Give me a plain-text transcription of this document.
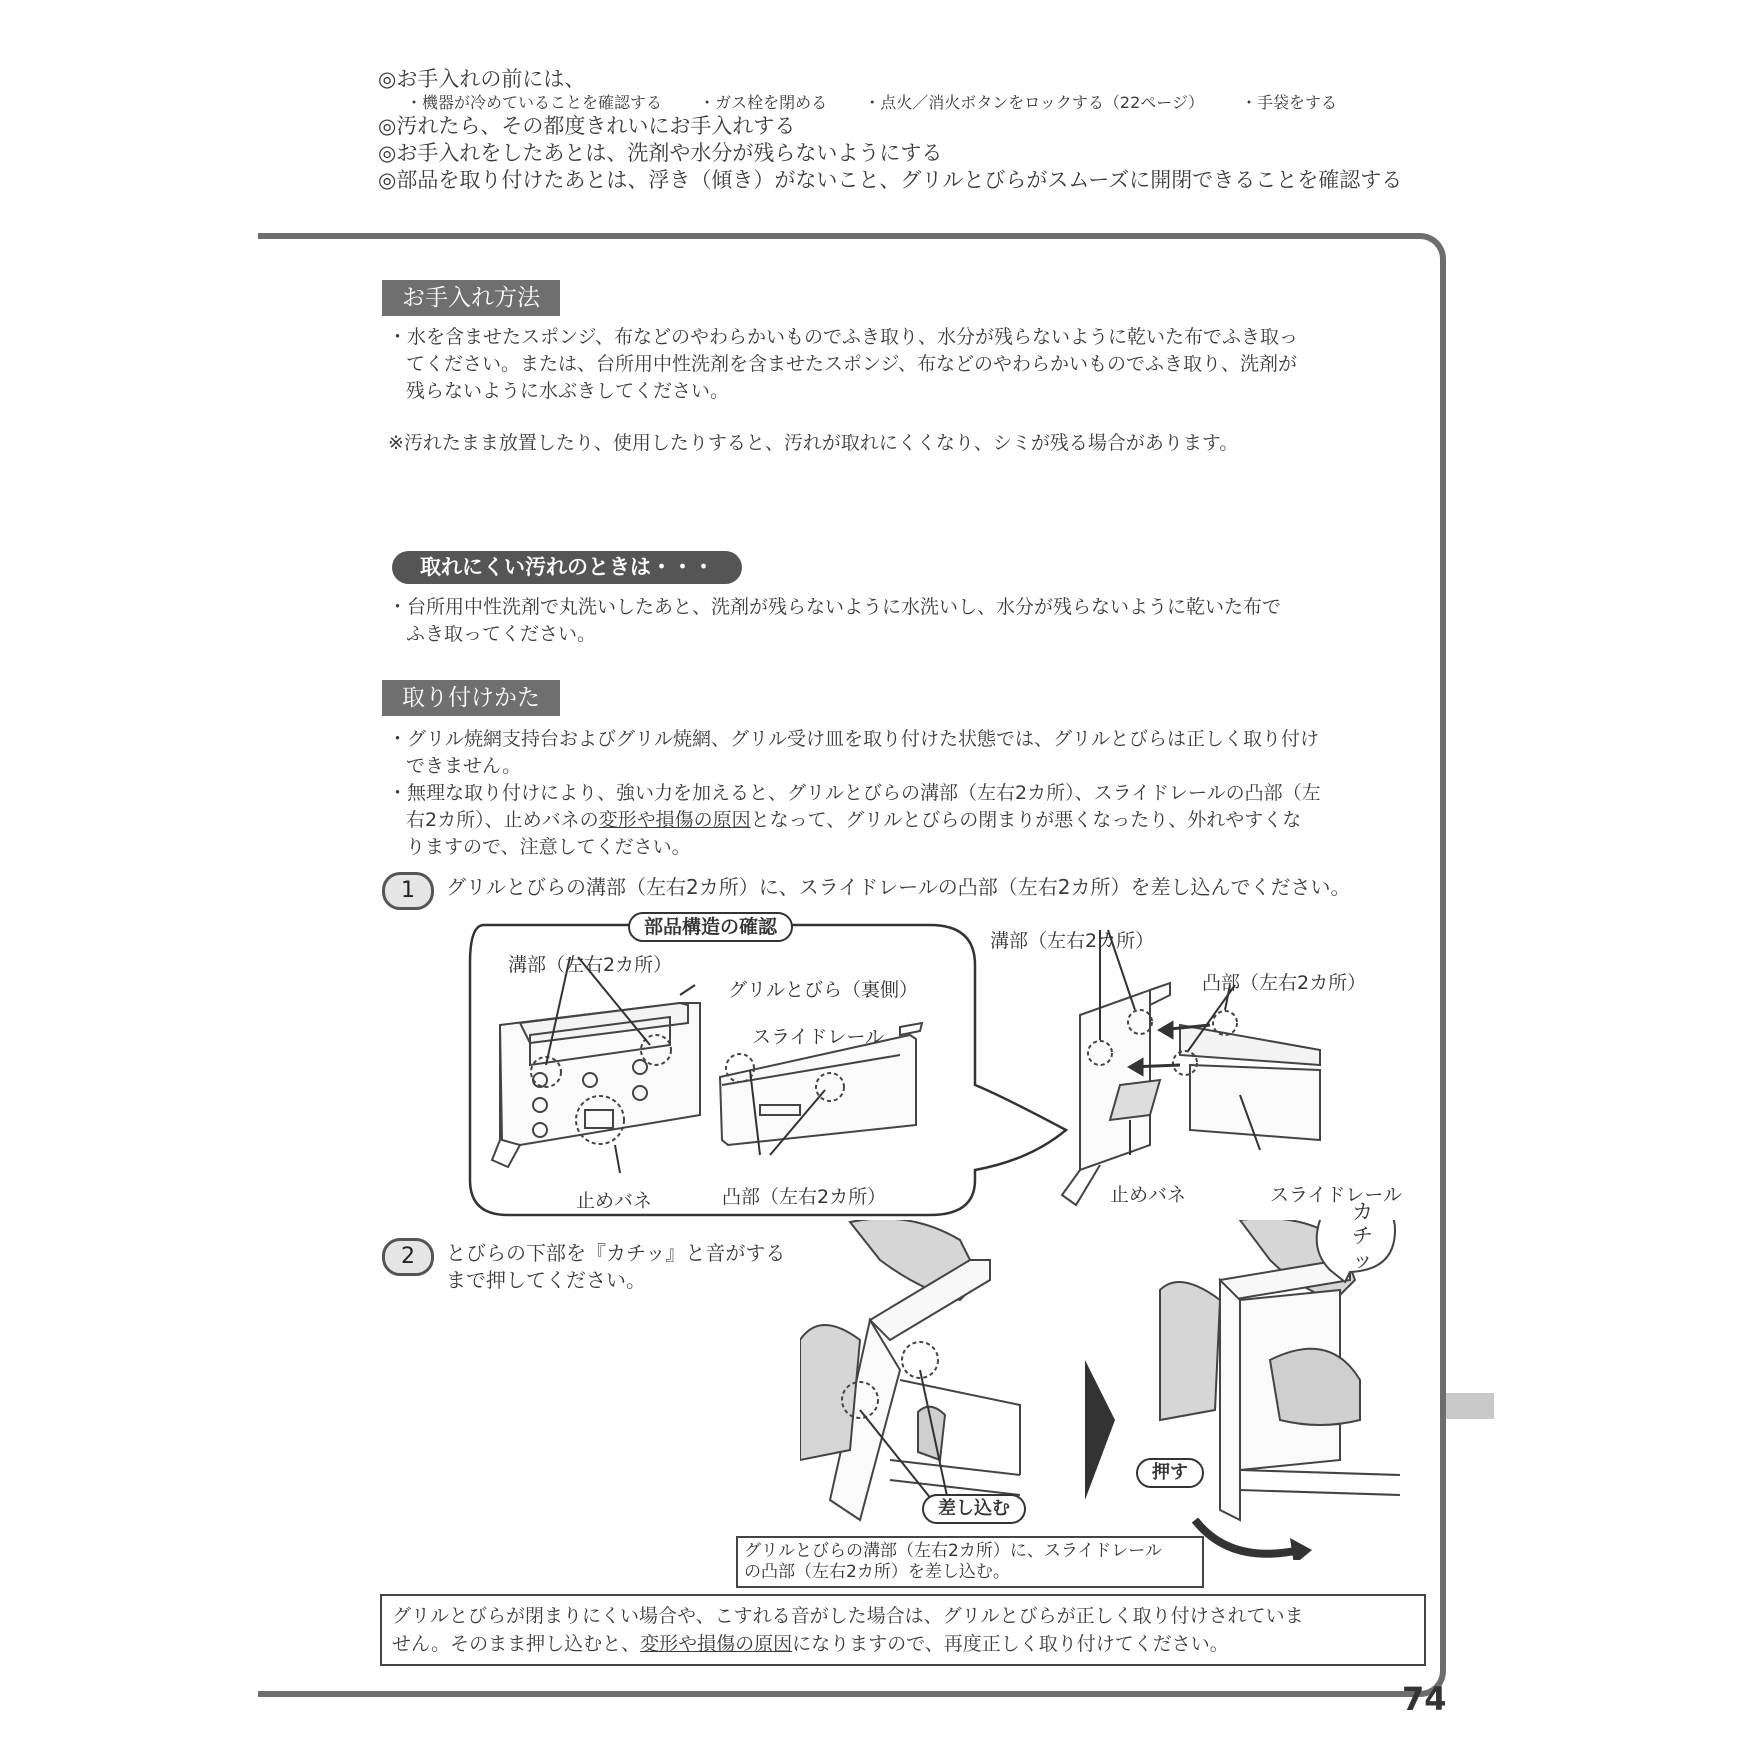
◎お手入れの前には、
・機器が冷めていることを確認する ・ガス栓を閉める ・点火／消火ボタンをロックする（22ページ） ・手袋をする
◎汚れたら、その都度きれいにお手入れする
◎お手入れをしたあとは、洗剤や水分が残らないようにする
◎部品を取り付けたあとは、浮き（傾き）がないこと、グリルとびらがスムーズに開閉できることを確認する
お手入れ方法
・水を含ませたスポンジ、布などのやわらかいものでふき取り、水分が残らないように乾いた布でふき取っ
てください。または、台所用中性洗剤を含ませたスポンジ、布などのやわらかいものでふき取り、洗剤が
残らないように水ぶきしてください。
※汚れたまま放置したり、使用したりすると、汚れが取れにくくなり、シミが残る場合があります。
取れにくい汚れのときは・・・
・台所用中性洗剤で丸洗いしたあと、洗剤が残らないように水洗いし、水分が残らないように乾いた布で
ふき取ってください。
取り付けかた
・グリル焼網支持台およびグリル焼網、グリル受け皿を取り付けた状態では、グリルとびらは正しく取り付け
できません。
・無理な取り付けにより、強い力を加えると、グリルとびらの溝部（左右2カ所）、スライドレールの凸部（左
右2カ所）、止めバネの変形や損傷の原因となって、グリルとびらの閉まりが悪くなったり、外れやすくな
りますので、注意してください。
1	グリルとびらの溝部（左右2カ所）に、スライドレールの凸部（左右2カ所）を差し込んでください。
部品構造の確認
溝部（左右2カ所）
グリルとびら（裏側）
スライドレール
止めバネ	凸部（左右2カ所）
溝部（左右2カ所）
凸部（左右2カ所）
止めバネ	スライドレール
2	とびらの下部を『カチッ』と音がする
まで押してください。
差し込む
押す
カチッ
グリルとびらの溝部（左右2カ所）に、スライドレール
の凸部（左右2カ所）を差し込む。
グリルとびらが閉まりにくい場合や、こすれる音がした場合は、グリルとびらが正しく取り付けされていま
せん。そのまま押し込むと、変形や損傷の原因になりますので、再度正しく取り付けてください。
74
